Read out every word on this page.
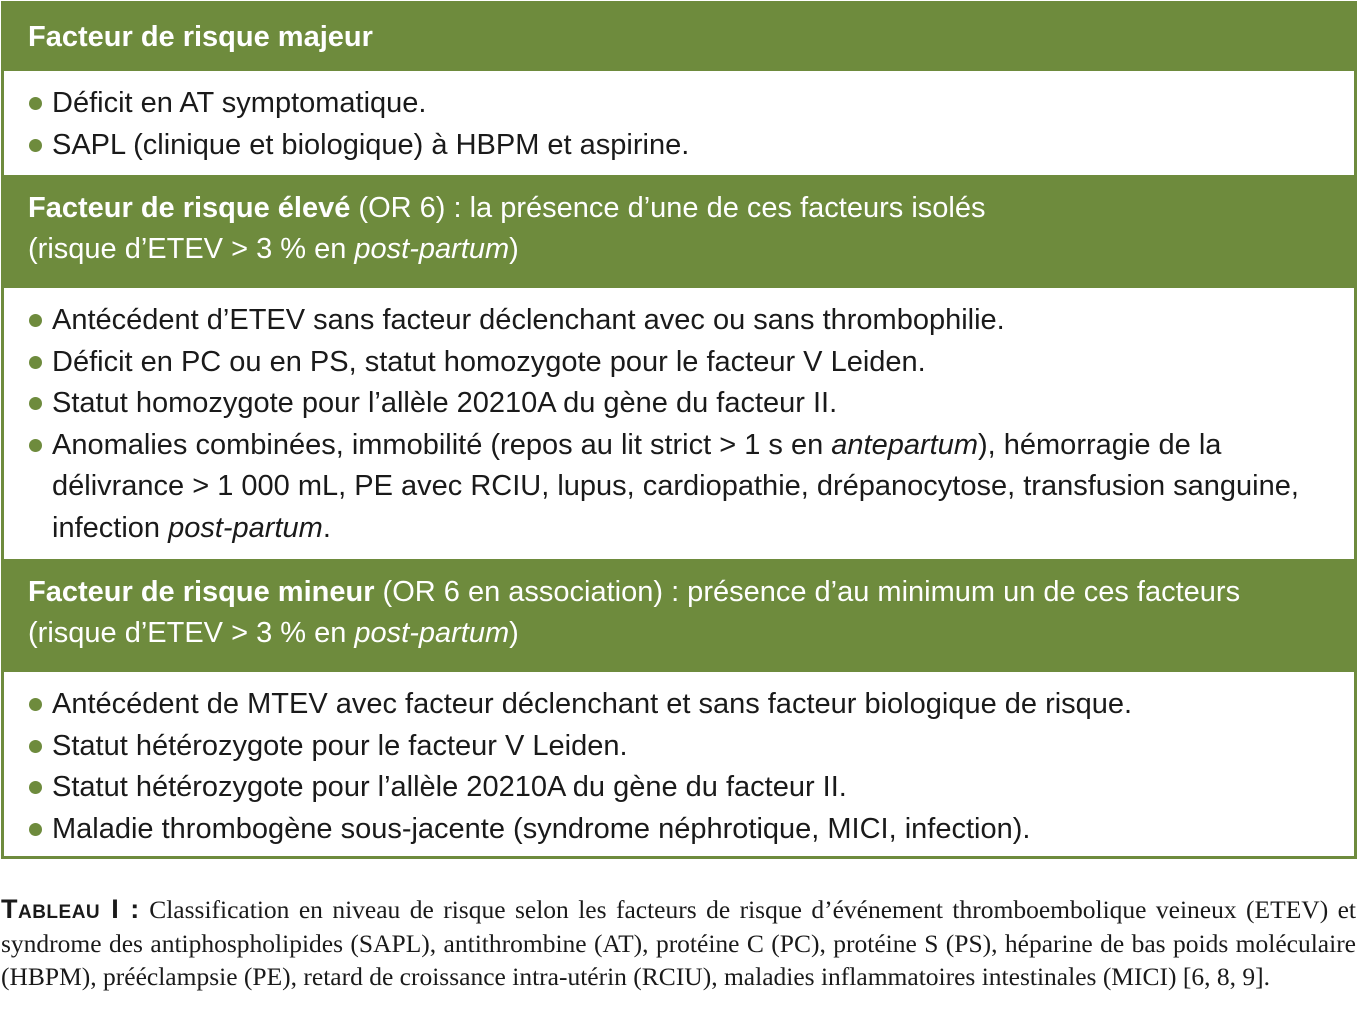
Facteur de risque majeur
Déficit en AT symptomatique.
SAPL (clinique et biologique) à HBPM et aspirine.
Facteur de risque élevé (OR 6) : la présence d’une de ces facteurs isolés
(risque d’ETEV > 3 % en post-partum)
Antécédent d’ETEV sans facteur déclenchant avec ou sans thrombophilie.
Déficit en PC ou en PS, statut homozygote pour le facteur V Leiden.
Statut homozygote pour l’allèle 20210A du gène du facteur II.
Anomalies combinées, immobilité (repos au lit strict > 1 s en antepartum), hémorragie de la délivrance > 1 000 mL, PE avec RCIU, lupus, cardiopathie, drépanocytose, transfusion sanguine, infection post-partum.
Facteur de risque mineur (OR 6 en association) : présence d’au minimum un de ces facteurs
(risque d’ETEV > 3 % en post-partum)
Antécédent de MTEV avec facteur déclenchant et sans facteur biologique de risque.
Statut hétérozygote pour le facteur V Leiden.
Statut hétérozygote pour l’allèle 20210A du gène du facteur II.
Maladie thrombogène sous-jacente (syndrome néphrotique, MICI, infection).
Tableau I : Classification en niveau de risque selon les facteurs de risque d’événement thromboembolique veineux (ETEV) et syndrome des antiphospholipides (SAPL), antithrombine (AT), protéine C (PC), protéine S (PS), héparine de bas poids moléculaire (HBPM), prééclampsie (PE), retard de croissance intra-utérin (RCIU), maladies inflammatoires intestinales (MICI) [6, 8, 9].
